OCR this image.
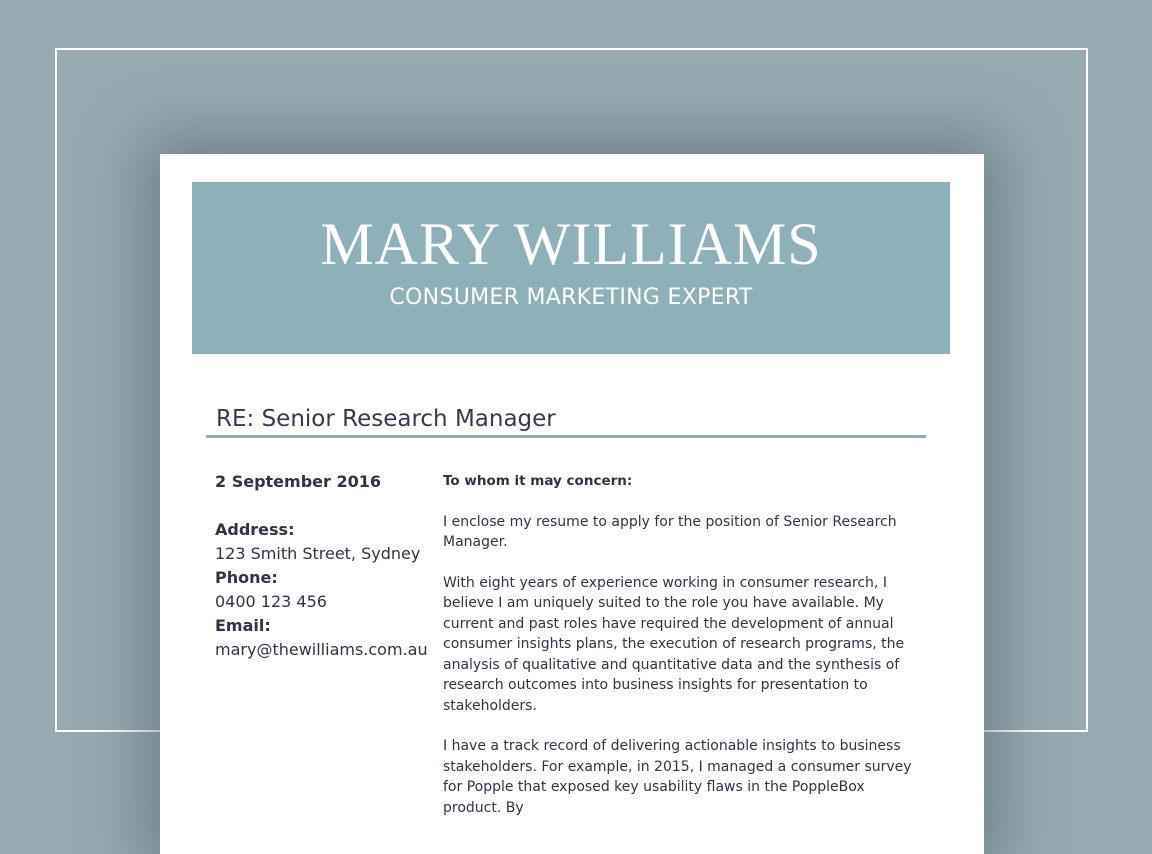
MARY WILLIAMS
CONSUMER MARKETING EXPERT
RE: Senior Research Manager
2 September 2016
Address:
123 Smith Street, Sydney
Phone:
0400 123 456
Email:
mary@thewilliams.com.au
To whom it may concern:

I enclose my resume to apply for the position of Senior Research Manager.

With eight years of experience working in consumer research, I believe I am uniquely suited to the role you have available. My current and past roles have required the development of annual consumer insights plans, the execution of research programs, the analysis of qualitative and quantitative data and the synthesis of research outcomes into business insights for presentation to stakeholders.

I have a track record of delivering actionable insights to business stakeholders. For example, in 2015, I managed a consumer survey for Popple that exposed key usability flaws in the PoppleBox product. By
